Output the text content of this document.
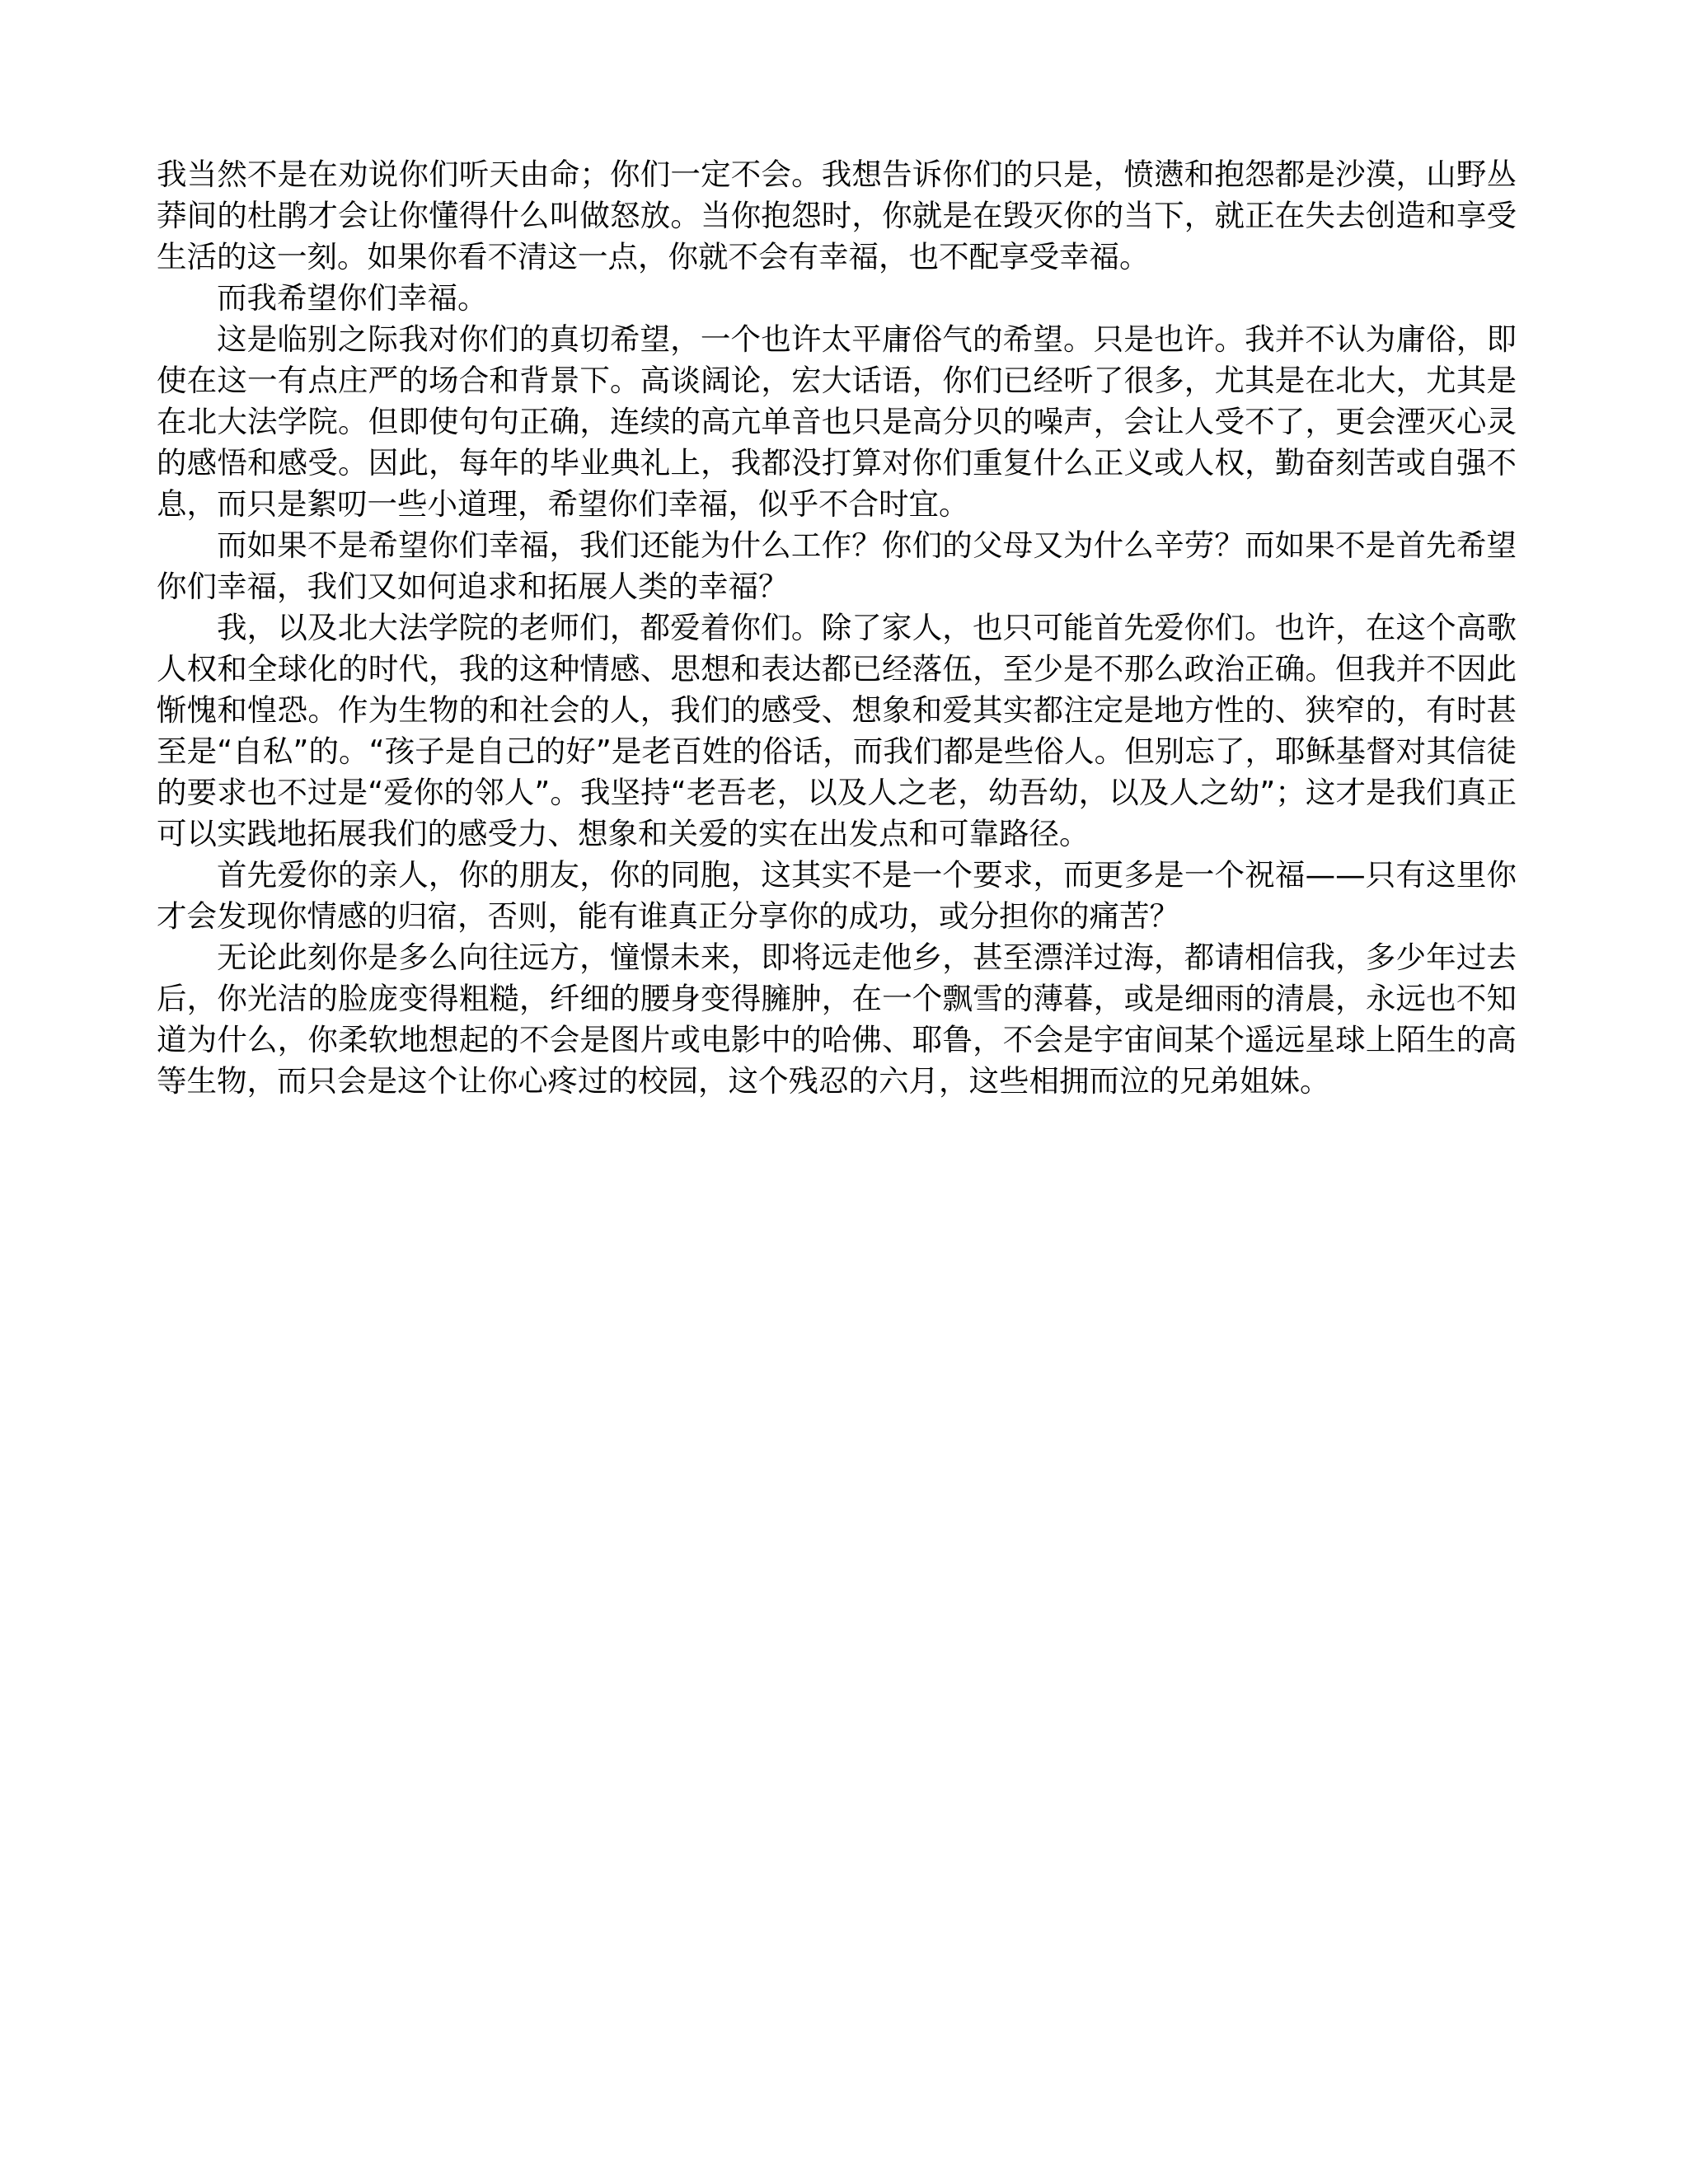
我当然不是在劝说你们听天由命；你们一定不会。我想告诉你们的只是，愤懑和抱怨都是沙漠，山野丛莽间的杜鹃才会让你懂得什么叫做怒放。当你抱怨时，你就是在毁灭你的当下，就正在失去创造和享受生活的这一刻。如果你看不清这一点，你就不会有幸福，也不配享受幸福。

而我希望你们幸福。

这是临别之际我对你们的真切希望，一个也许太平庸俗气的希望。只是也许。我并不认为庸俗，即使在这一有点庄严的场合和背景下。高谈阔论，宏大话语，你们已经听了很多，尤其是在北大，尤其是在北大法学院。但即使句句正确，连续的高亢单音也只是高分贝的噪声，会让人受不了，更会湮灭心灵的感悟和感受。因此，每年的毕业典礼上，我都没打算对你们重复什么正义或人权，勤奋刻苦或自强不息，而只是絮叨一些小道理，希望你们幸福，似乎不合时宜。

而如果不是希望你们幸福，我们还能为什么工作？你们的父母又为什么辛劳？而如果不是首先希望你们幸福，我们又如何追求和拓展人类的幸福？

我，以及北大法学院的老师们，都爱着你们。除了家人，也只可能首先爱你们。也许，在这个高歌人权和全球化的时代，我的这种情感、思想和表达都已经落伍，至少是不那么政治正确。但我并不因此惭愧和惶恐。作为生物的和社会的人，我们的感受、想象和爱其实都注定是地方性的、狭窄的，有时甚至是“自私”的。“孩子是自己的好”是老百姓的俗话，而我们都是些俗人。但别忘了，耶稣基督对其信徒的要求也不过是“爱你的邻人”。我坚持“老吾老，以及人之老，幼吾幼，以及人之幼”；这才是我们真正可以实践地拓展我们的感受力、想象和关爱的实在出发点和可靠路径。

首先爱你的亲人，你的朋友，你的同胞，这其实不是一个要求，而更多是一个祝福——只有这里你才会发现你情感的归宿，否则，能有谁真正分享你的成功，或分担你的痛苦？

无论此刻你是多么向往远方，憧憬未来，即将远走他乡，甚至漂洋过海，都请相信我，多少年过去后，你光洁的脸庞变得粗糙，纤细的腰身变得臃肿，在一个飘雪的薄暮，或是细雨的清晨，永远也不知道为什么，你柔软地想起的不会是图片或电影中的哈佛、耶鲁，不会是宇宙间某个遥远星球上陌生的高等生物，而只会是这个让你心疼过的校园，这个残忍的六月，这些相拥而泣的兄弟姐妹。
